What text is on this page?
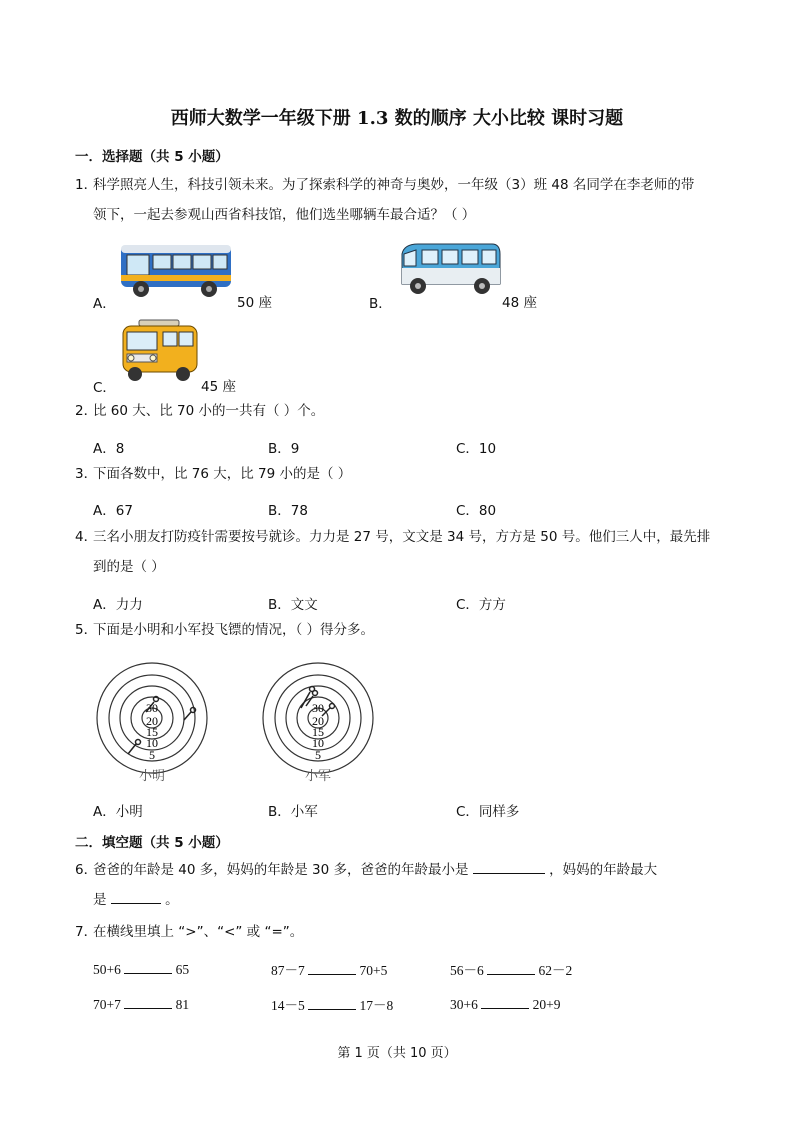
西师大数学一年级下册 1.3 数的顺序 大小比较 课时习题
一．选择题（共 5 小题）
1．
科学照亮人生，科技引领未来。为了探索科学的神奇与奥妙，一年级（3）班 48 名同学在李老师的带
领下，一起去参观山西省科技馆，他们选坐哪辆车最合适？（ ）
A．	50 座	B．	48 座
C．	45 座
2．
比 60 大、比 70 小的一共有（ ）个。
A．8	B．9	C．10
3．
下面各数中，比 76 大，比 79 小的是（ ）
A．67	B．78	C．80
4．
三名小朋友打防疫针需要按号就诊。力力是 27 号，文文是 34 号，方方是 50 号。他们三人中，最先排
到的是（ ）
A．力力	B．文文	C．方方
5．
下面是小明和小军投飞镖的情况，（ ）得分多。
30
20
15
10
5
小明
30
20
15
10
5
小军
A．小明	B．小军	C．同样多
二．填空题（共 5 小题）
6．
爸爸的年龄是 40 多，妈妈的年龄是 30 多，爸爸的年龄最小是	，妈妈的年龄最大
是	。
7．
在横线里填上 “>”、“<” 或 “=”。
50+6	65	87－7	70+5	56－6	62－2
70+7	81	14－5	17－8	30+6	20+9
第 1 页（共 10 页）
